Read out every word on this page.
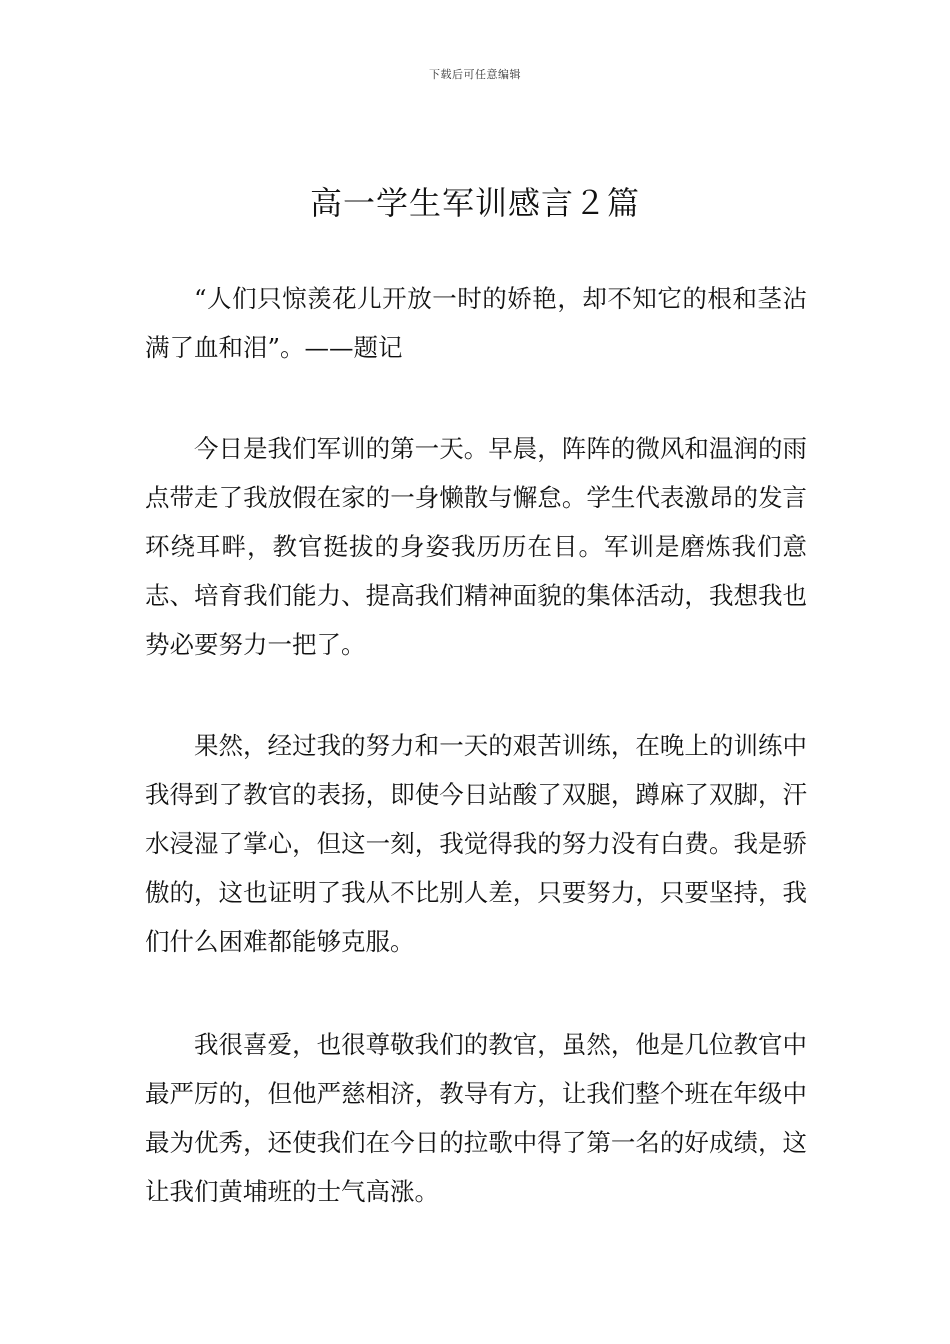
下载后可任意编辑
高一学生军训感言２篇

“人们只惊羡花儿开放一时的娇艳，却不知它的根和茎沾满了血和泪”。——题记

今日是我们军训的第一天。早晨，阵阵的微风和温润的雨点带走了我放假在家的一身懒散与懈怠。学生代表激昂的发言环绕耳畔，教官挺拔的身姿我历历在目。军训是磨炼我们意志、培育我们能力、提高我们精神面貌的集体活动，我想我也势必要努力一把了。

果然，经过我的努力和一天的艰苦训练，在晚上的训练中我得到了教官的表扬，即使今日站酸了双腿，蹲麻了双脚，汗水浸湿了掌心，但这一刻，我觉得我的努力没有白费。我是骄傲的，这也证明了我从不比别人差，只要努力，只要坚持，我们什么困难都能够克服。

我很喜爱，也很尊敬我们的教官，虽然，他是几位教官中最严厉的，但他严慈相济，教导有方，让我们整个班在年级中最为优秀，还使我们在今日的拉歌中得了第一名的好成绩，这让我们黄埔班的士气高涨。
